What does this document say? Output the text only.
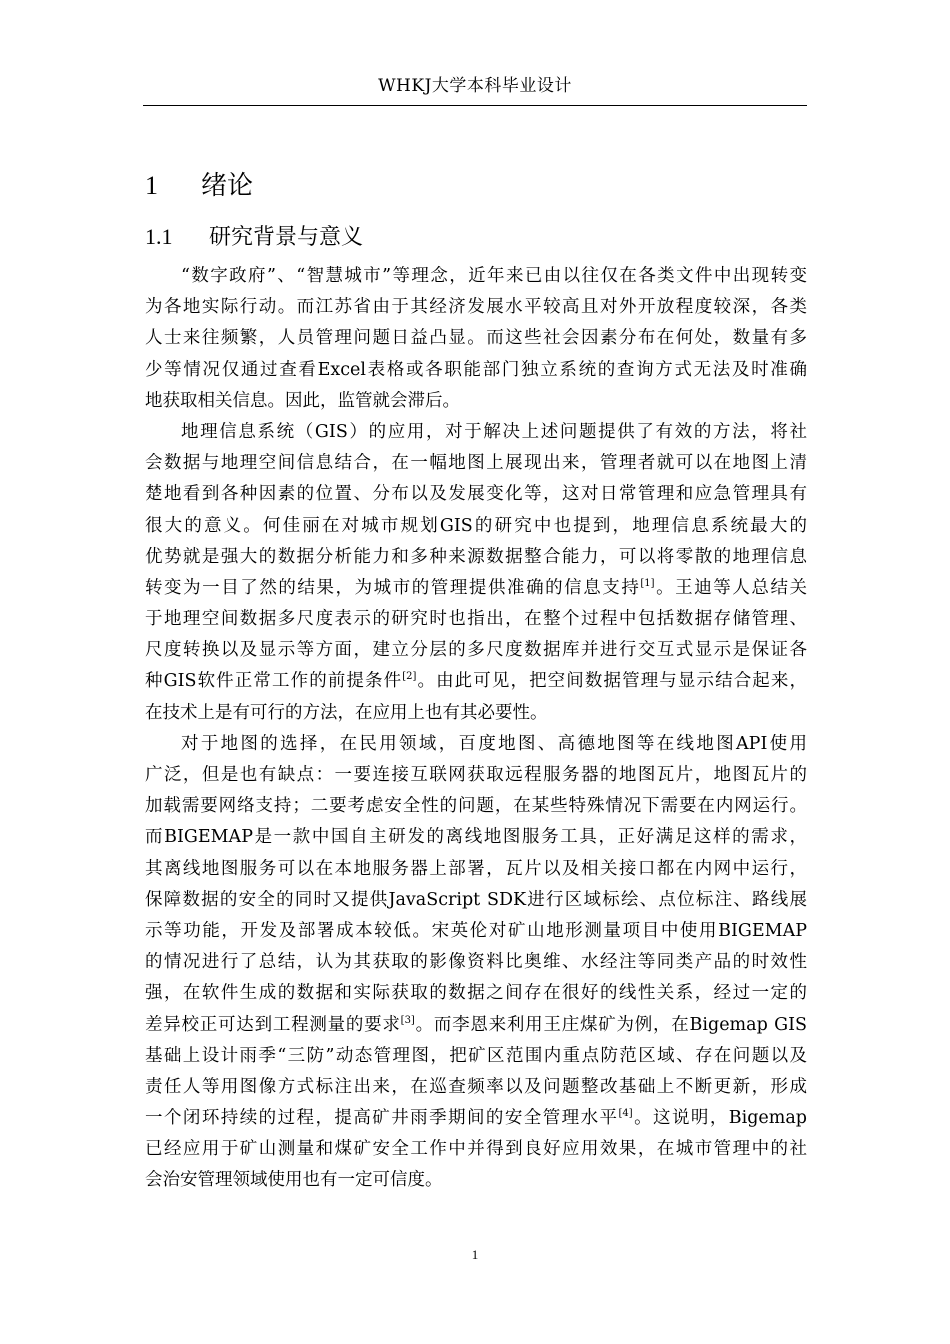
WHKJ大学本科毕业设计
1 绪论
1.1 研究背景与意义
“数字政府”、“智慧城市”等理念，近年来已由以往仅在各类文件中出现转变
为各地实际行动。而江苏省由于其经济发展水平较高且对外开放程度较深，各类
人士来往频繁，人员管理问题日益凸显。而这些社会因素分布在何处，数量有多
少等情况仅通过查看Excel表格或各职能部门独立系统的查询方式无法及时准确
地获取相关信息。因此，监管就会滞后。
地理信息系统（GIS）的应用，对于解决上述问题提供了有效的方法，将社
会数据与地理空间信息结合，在一幅地图上展现出来，管理者就可以在地图上清
楚地看到各种因素的位置、分布以及发展变化等，这对日常管理和应急管理具有
很大的意义。何佳丽在对城市规划GIS的研究中也提到，地理信息系统最大的
优势就是强大的数据分析能力和多种来源数据整合能力，可以将零散的地理信息
转变为一目了然的结果，为城市的管理提供准确的信息支持[1]。王迪等人总结关
于地理空间数据多尺度表示的研究时也指出，在整个过程中包括数据存储管理、
尺度转换以及显示等方面，建立分层的多尺度数据库并进行交互式显示是保证各
种GIS软件正常工作的前提条件[2]。由此可见，把空间数据管理与显示结合起来，
在技术上是有可行的方法，在应用上也有其必要性。
对于地图的选择，在民用领域，百度地图、高德地图等在线地图API使用
广泛，但是也有缺点：一要连接互联网获取远程服务器的地图瓦片，地图瓦片的
加载需要网络支持；二要考虑安全性的问题，在某些特殊情况下需要在内网运行。
而BIGEMAP是一款中国自主研发的离线地图服务工具，正好满足这样的需求，
其离线地图服务可以在本地服务器上部署，瓦片以及相关接口都在内网中运行，
保障数据的安全的同时又提供JavaScript SDK进行区域标绘、点位标注、路线展
示等功能，开发及部署成本较低。宋英伦对矿山地形测量项目中使用BIGEMAP
的情况进行了总结，认为其获取的影像资料比奥维、水经注等同类产品的时效性
强，在软件生成的数据和实际获取的数据之间存在很好的线性关系，经过一定的
差异校正可达到工程测量的要求[3]。而李恩来利用王庄煤矿为例，在Bigemap GIS
基础上设计雨季“三防”动态管理图，把矿区范围内重点防范区域、存在问题以及
责任人等用图像方式标注出来，在巡查频率以及问题整改基础上不断更新，形成
一个闭环持续的过程，提高矿井雨季期间的安全管理水平[4]。这说明，Bigemap
已经应用于矿山测量和煤矿安全工作中并得到良好应用效果，在城市管理中的社
会治安管理领域使用也有一定可信度。
1
